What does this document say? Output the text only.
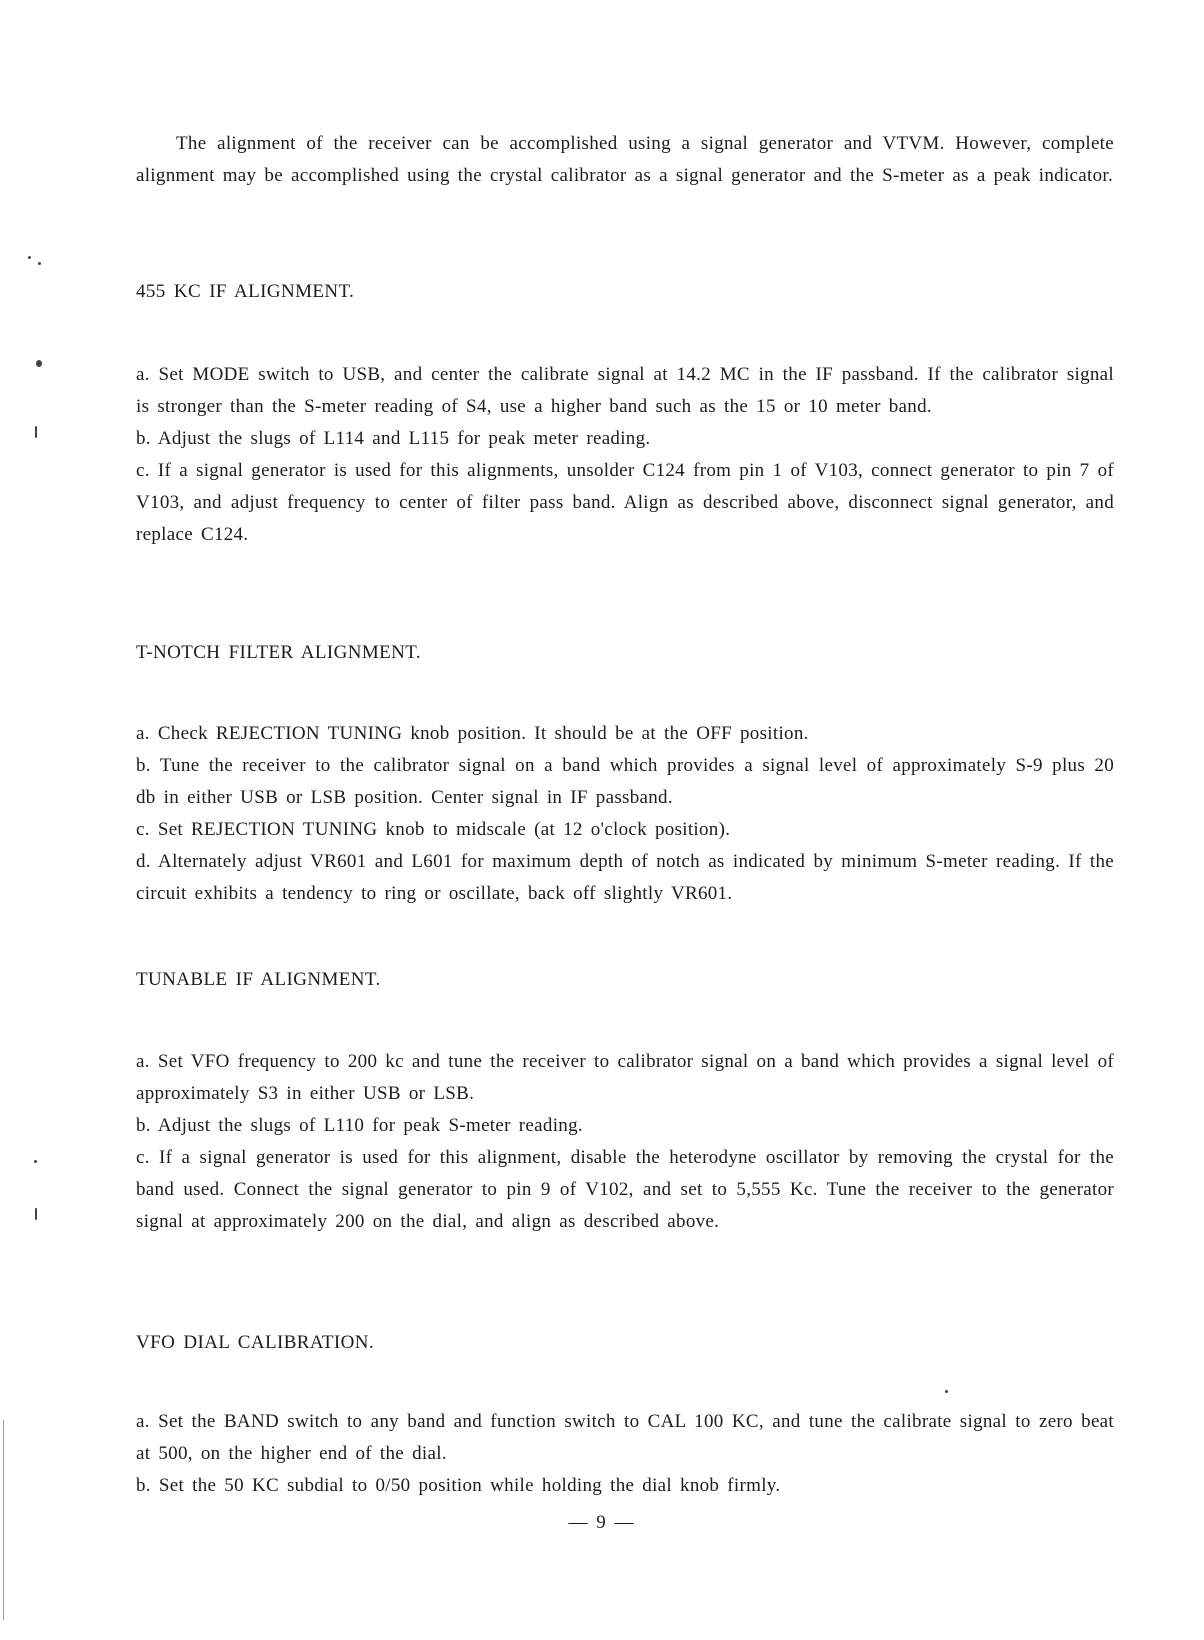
The alignment of the receiver can be accomplished using a signal generator and VTVM. However, complete alignment may be accomplished using the crystal calibrator as a signal generator and the S-meter as a peak indicator.

455 KC IF ALIGNMENT.

a. Set MODE switch to USB, and center the calibrate signal at 14.2 MC in the IF passband. If the calibrator signal is stronger than the S-meter reading of S4, use a higher band such as the 15 or 10 meter band.

b. Adjust the slugs of L114 and L115 for peak meter reading.

c. If a signal generator is used for this alignments, unsolder C124 from pin 1 of V103, connect generator to pin 7 of V103, and adjust frequency to center of filter pass band. Align as described above, disconnect signal generator, and replace C124.

T-NOTCH FILTER ALIGNMENT.

a. Check REJECTION TUNING knob position. It should be at the OFF position.

b. Tune the receiver to the calibrator signal on a band which provides a signal level of approximately S-9 plus 20 db in either USB or LSB position. Center signal in IF passband.

c. Set REJECTION TUNING knob to midscale (at 12 o'clock position).

d. Alternately adjust VR601 and L601 for maximum depth of notch as indicated by minimum S-meter reading. If the circuit exhibits a tendency to ring or oscillate, back off slightly VR601.

TUNABLE IF ALIGNMENT.

a. Set VFO frequency to 200 kc and tune the receiver to calibrator signal on a band which provides a signal level of approximately S3 in either USB or LSB.

b. Adjust the slugs of L110 for peak S-meter reading.

c. If a signal generator is used for this alignment, disable the heterodyne oscillator by removing the crystal for the band used. Connect the signal generator to pin 9 of V102, and set to 5,555 Kc. Tune the receiver to the generator signal at approximately 200 on the dial, and align as described above.

VFO DIAL CALIBRATION.

a. Set the BAND switch to any band and function switch to CAL 100 KC, and tune the calibrate signal to zero beat at 500, on the higher end of the dial.

b. Set the 50 KC subdial to 0/50 position while holding the dial knob firmly.

— 9 —
